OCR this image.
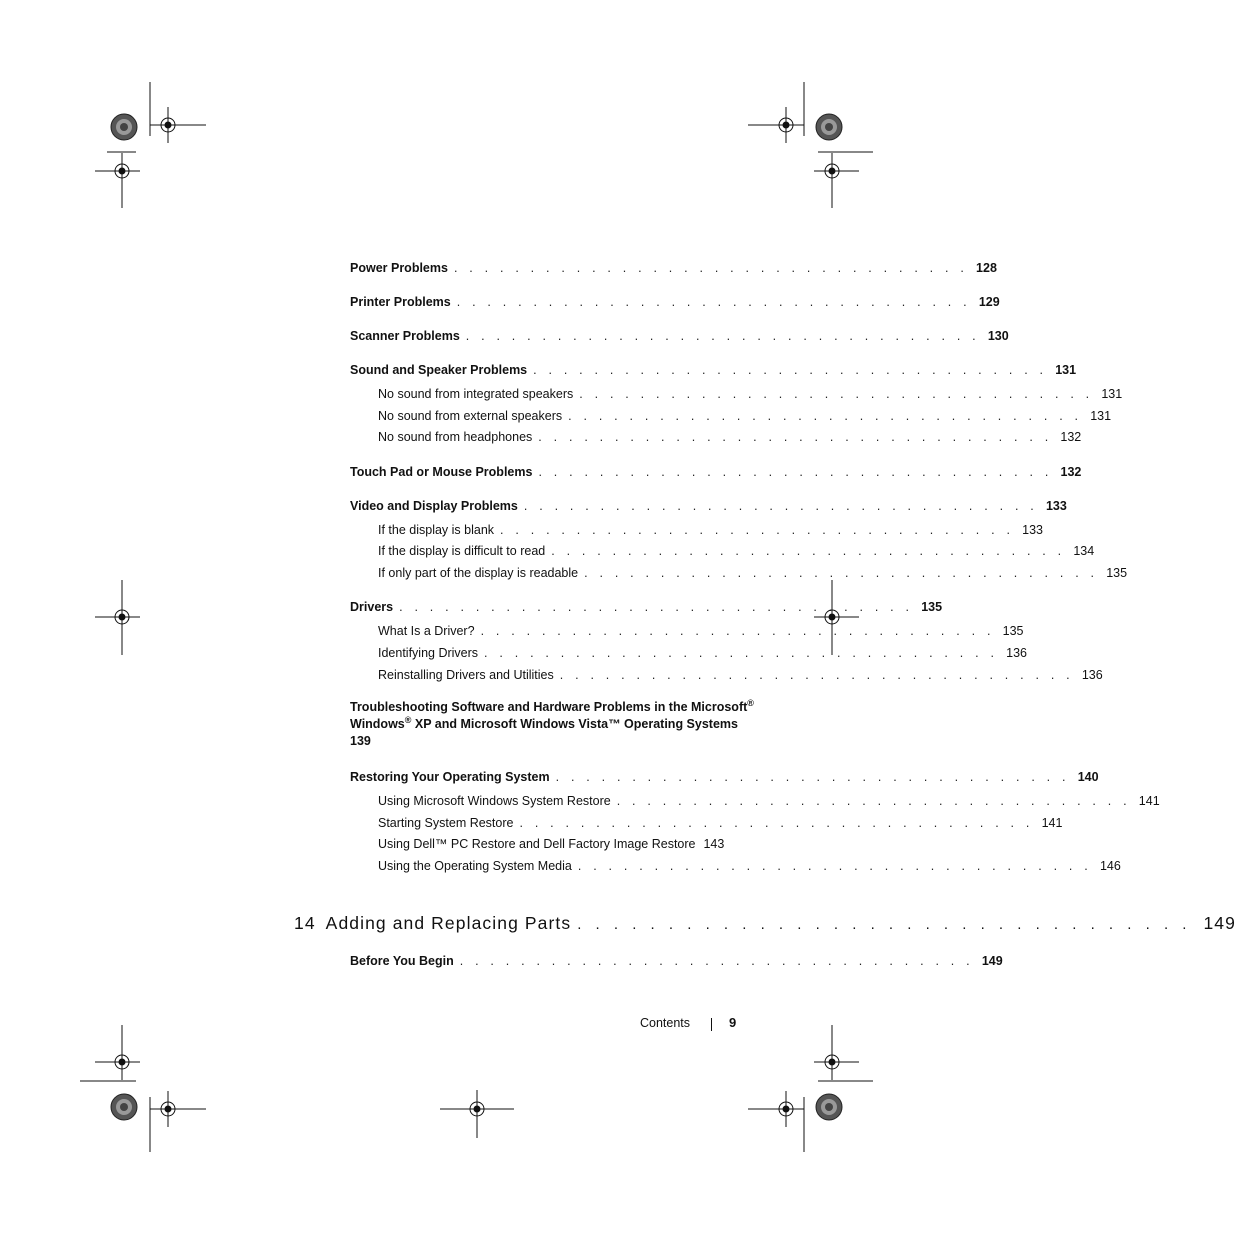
Power Problems . . . . . . . . . . . . . . . . . . . . . . . . . . . . . . . . . . 128
Printer Problems . . . . . . . . . . . . . . . . . . . . . . . . . . . . . . . . . . 129
Scanner Problems . . . . . . . . . . . . . . . . . . . . . . . . . . . . . . . . . . 130
Sound and Speaker Problems . . . . . . . . . . . . . . . . . . . . . . . . . . . . . . . . . . 131
No sound from integrated speakers . . . . . . . . . . . . . . . . . . . . . . . . . . . . . . . . . . 131
No sound from external speakers . . . . . . . . . . . . . . . . . . . . . . . . . . . . . . . . . . 131
No sound from headphones . . . . . . . . . . . . . . . . . . . . . . . . . . . . . . . . . . 132
Touch Pad or Mouse Problems . . . . . . . . . . . . . . . . . . . . . . . . . . . . . . . . . . 132
Video and Display Problems . . . . . . . . . . . . . . . . . . . . . . . . . . . . . . . . . . 133
If the display is blank . . . . . . . . . . . . . . . . . . . . . . . . . . . . . . . . . . 133
If the display is difficult to read . . . . . . . . . . . . . . . . . . . . . . . . . . . . . . . . . . 134
If only part of the display is readable . . . . . . . . . . . . . . . . . . . . . . . . . . . . . . . . . . 135
Drivers . . . . . . . . . . . . . . . . . . . . . . . . . . . . . . . . . . 135
What Is a Driver? . . . . . . . . . . . . . . . . . . . . . . . . . . . . . . . . . . 135
Identifying Drivers . . . . . . . . . . . . . . . . . . . . . . . . . . . . . . . . . . 136
Reinstalling Drivers and Utilities . . . . . . . . . . . . . . . . . . . . . . . . . . . . . . . . . . 136
Troubleshooting Software and Hardware Problems in the Microsoft®
Windows® XP and Microsoft Windows Vista™ Operating Systems
139
Restoring Your Operating System . . . . . . . . . . . . . . . . . . . . . . . . . . . . . . . . . . 140
Using Microsoft Windows System Restore . . . . . . . . . . . . . . . . . . . . . . . . . . . . . . . . . . 141
Starting System Restore . . . . . . . . . . . . . . . . . . . . . . . . . . . . . . . . . . 141
Using Dell™ PC Restore and Dell Factory Image Restore 143
Using the Operating System Media . . . . . . . . . . . . . . . . . . . . . . . . . . . . . . . . . . 146
14 Adding and Replacing Parts . . . . . . . . . . . . . . . . . . . . . . . . . . . . . . . . . . 149
Before You Begin . . . . . . . . . . . . . . . . . . . . . . . . . . . . . . . . . . 149
Contents	9
